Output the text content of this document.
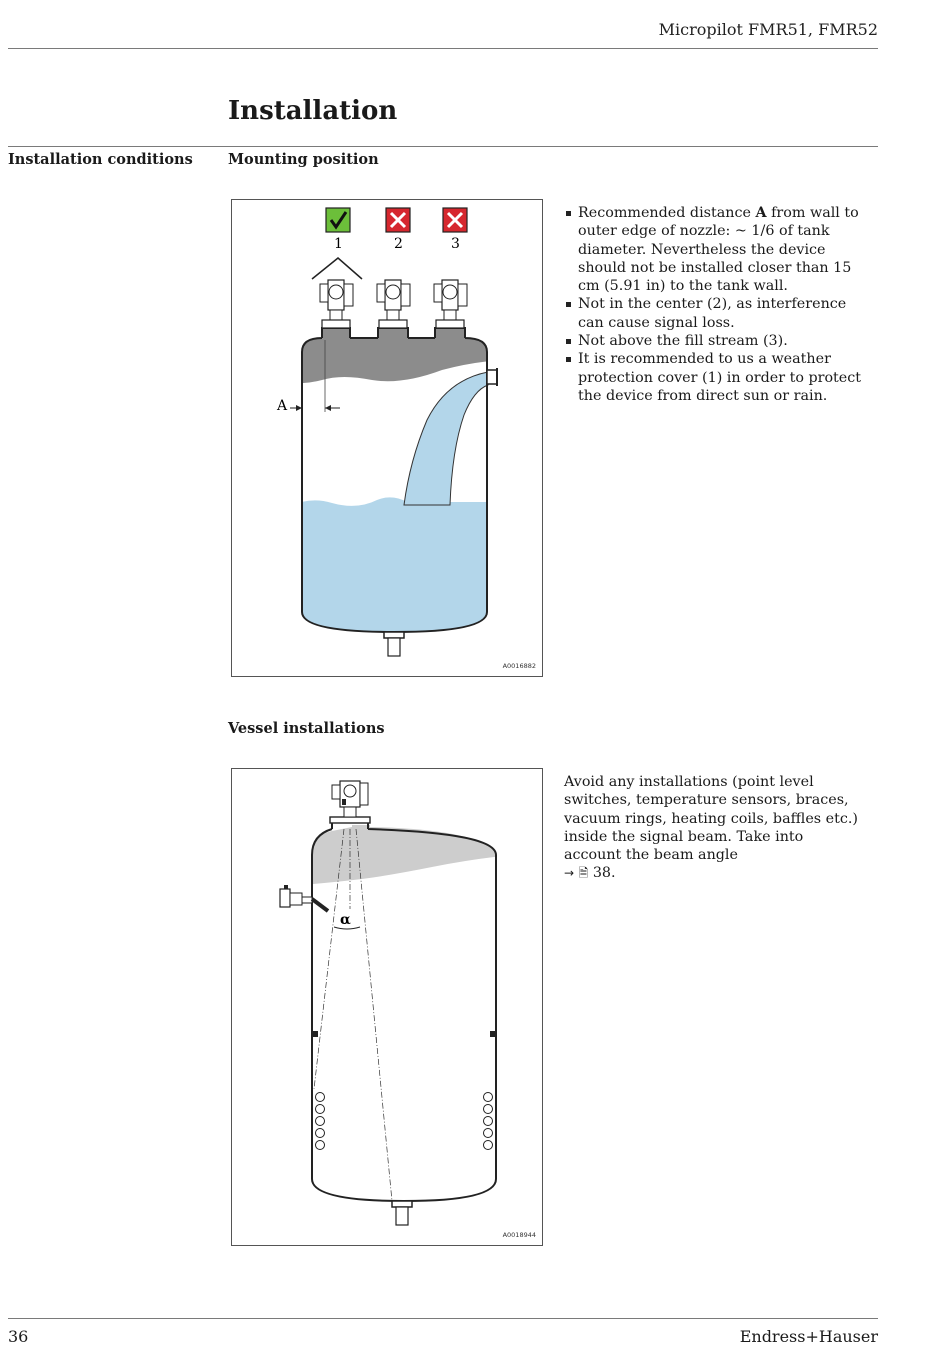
Micropilot FMR51, FMR52
Installation
Installation conditions Mounting position
A
1	2	3
A0016882
Recommended distance A from wall to outer edge of nozzle: ~ 1/6 of tank diameter. Nevertheless the device should not be installed closer than 15 cm (5.91 in) to the tank wall.
Not in the center (2), as interference can cause signal loss.
Not above the fill stream (3).
It is recommended to us a weather protection cover (1) in order to protect the device from direct sun or rain.
Vessel installations
α
A0018944
Avoid any installations (point level switches, temperature sensors, braces, vacuum rings, heating coils, baffles etc.) inside the signal beam. Take into account the beam angle
→ 🗎 38.
36	Endress+Hauser
